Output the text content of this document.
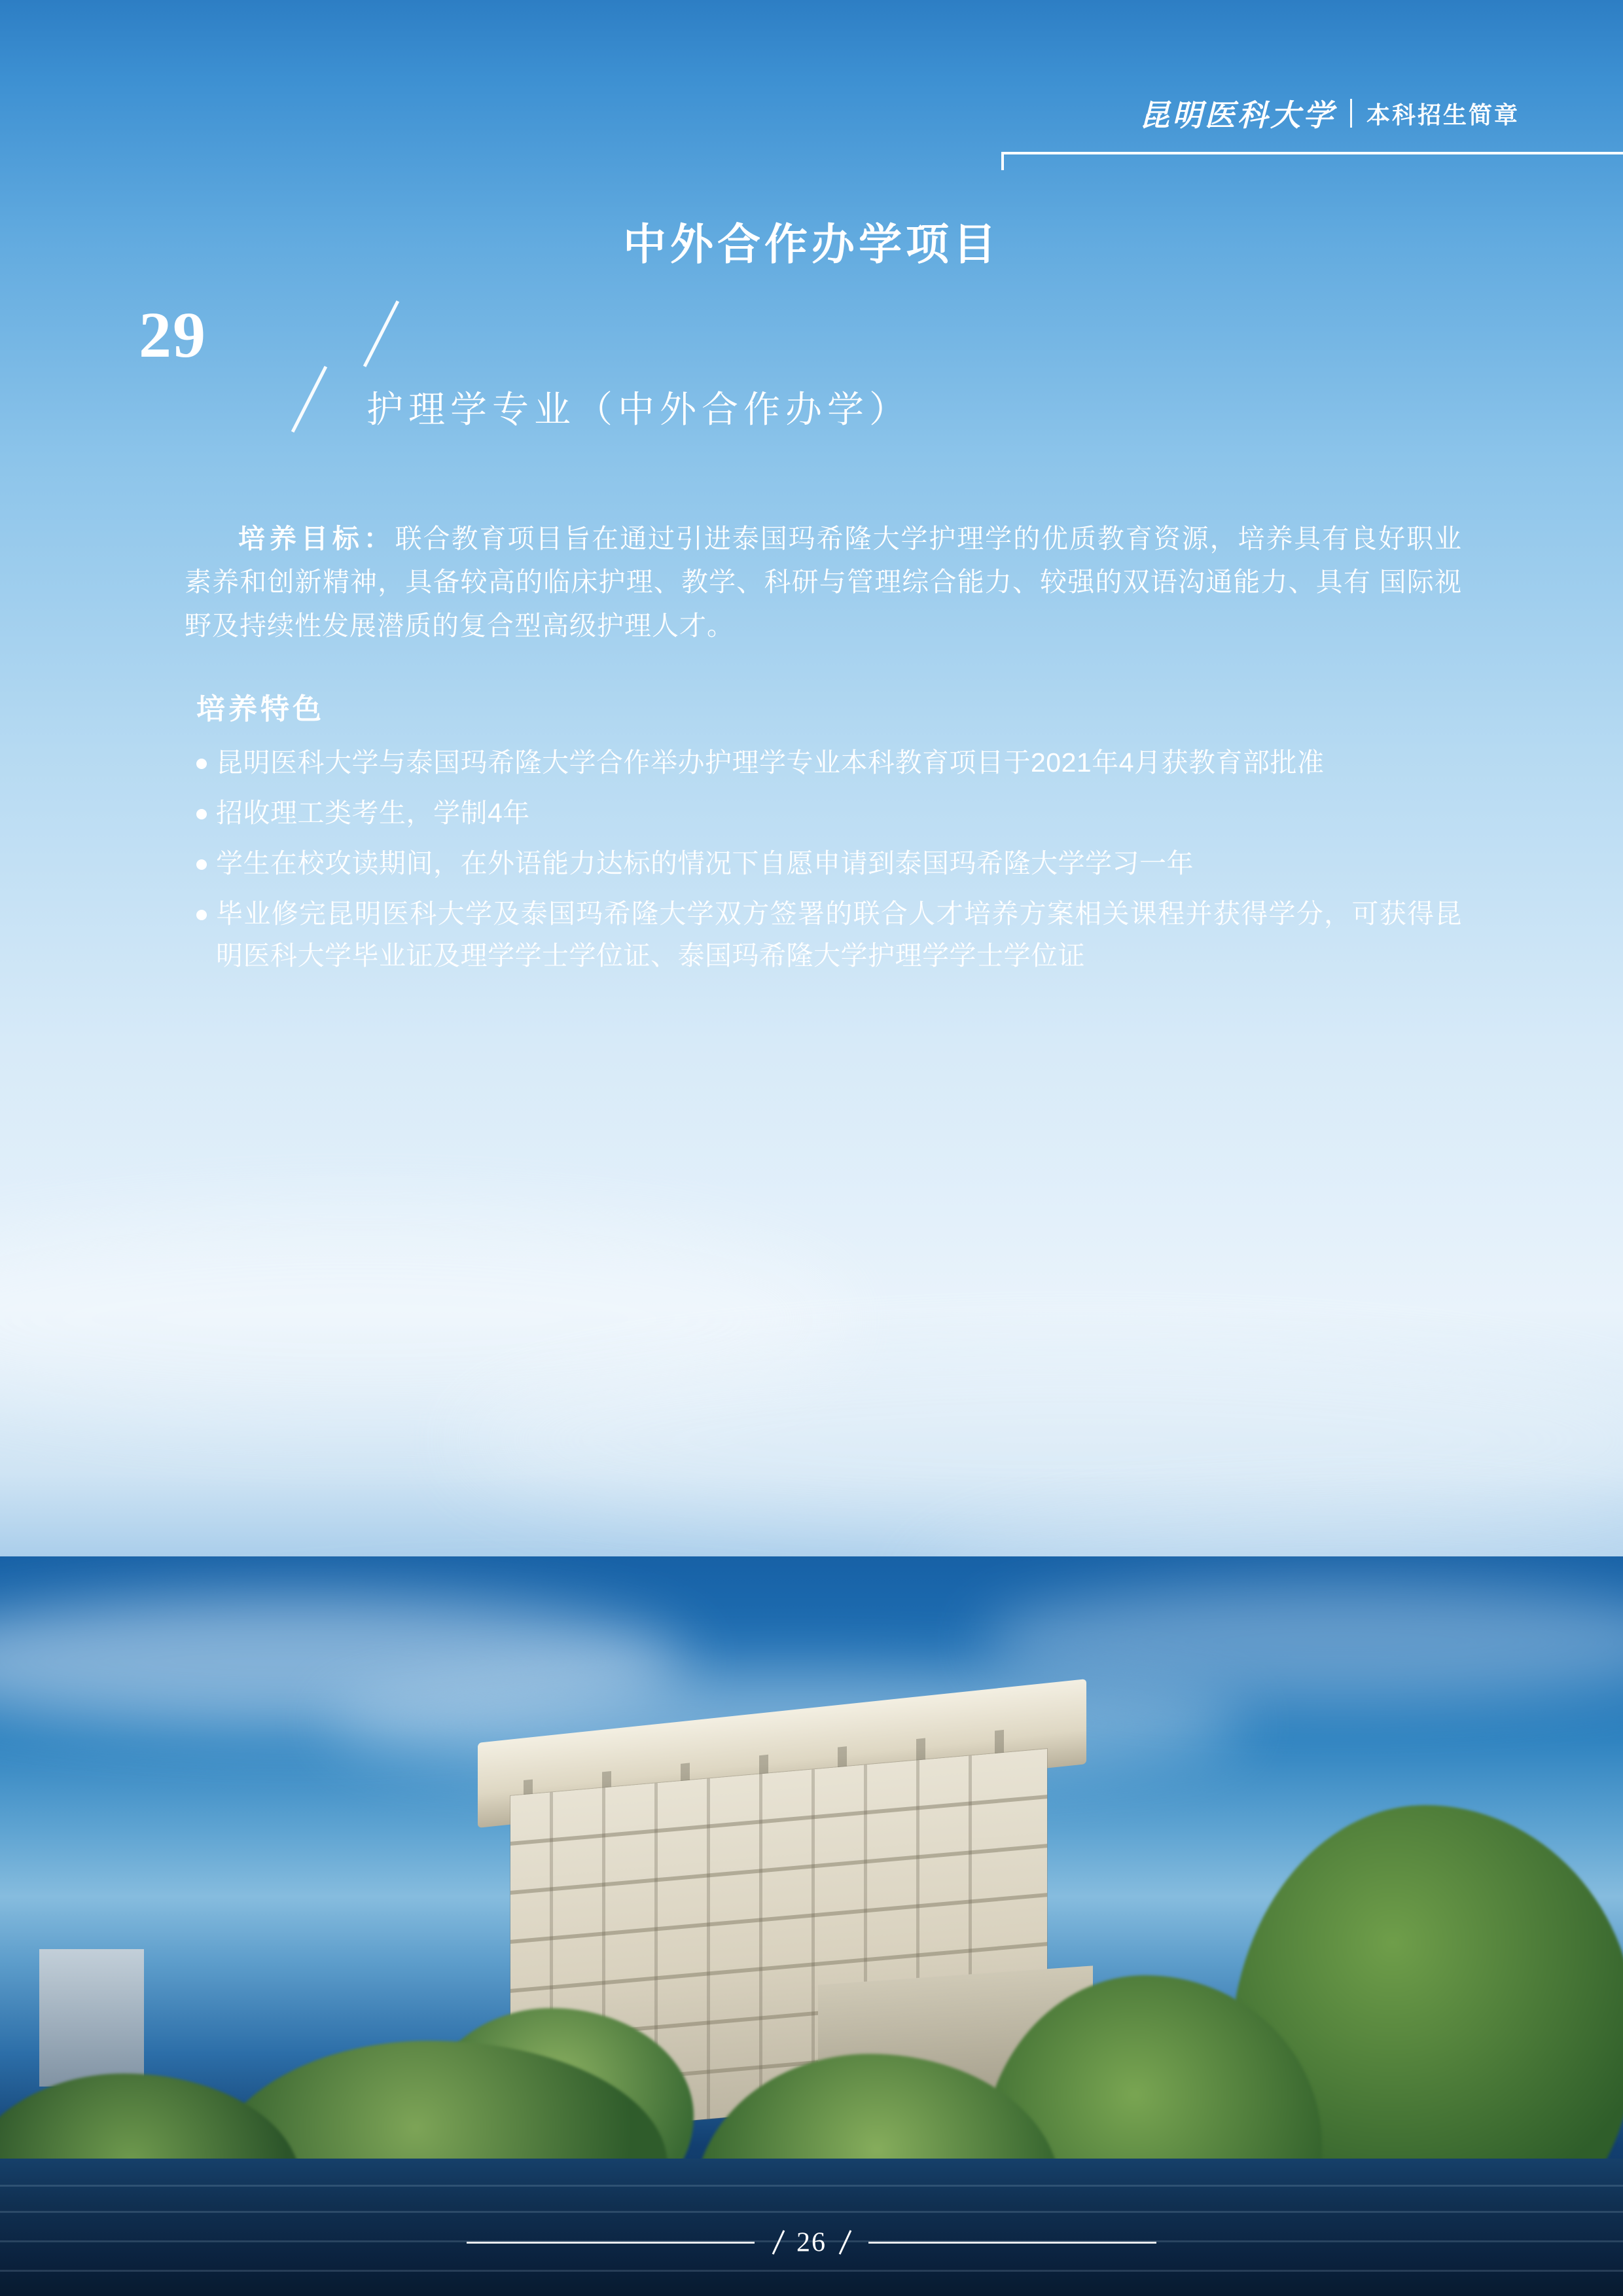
昆明医科大学 本科招生简章
中外合作办学项目
29
护理学专业（中外合作办学）

培养目标：联合教育项目旨在通过引进泰国玛希隆大学护理学的优质教育资源，培养具有良好职业素养和创新精神，具备较高的临床护理、教学、科研与管理综合能力、较强的双语沟通能力、具有 国际视野及持续性发展潜质的复合型高级护理人才。

培养特色
昆明医科大学与泰国玛希隆大学合作举办护理学专业本科教育项目于2021年4月获教育部批准
招收理工类考生，学制4年
学生在校攻读期间，在外语能力达标的情况下自愿申请到泰国玛希隆大学学习一年
毕业修完昆明医科大学及泰国玛希隆大学双方签署的联合人才培养方案相关课程并获得学分，可获得昆明医科大学毕业证及理学学士学位证、泰国玛希隆大学护理学学士学位证
26
